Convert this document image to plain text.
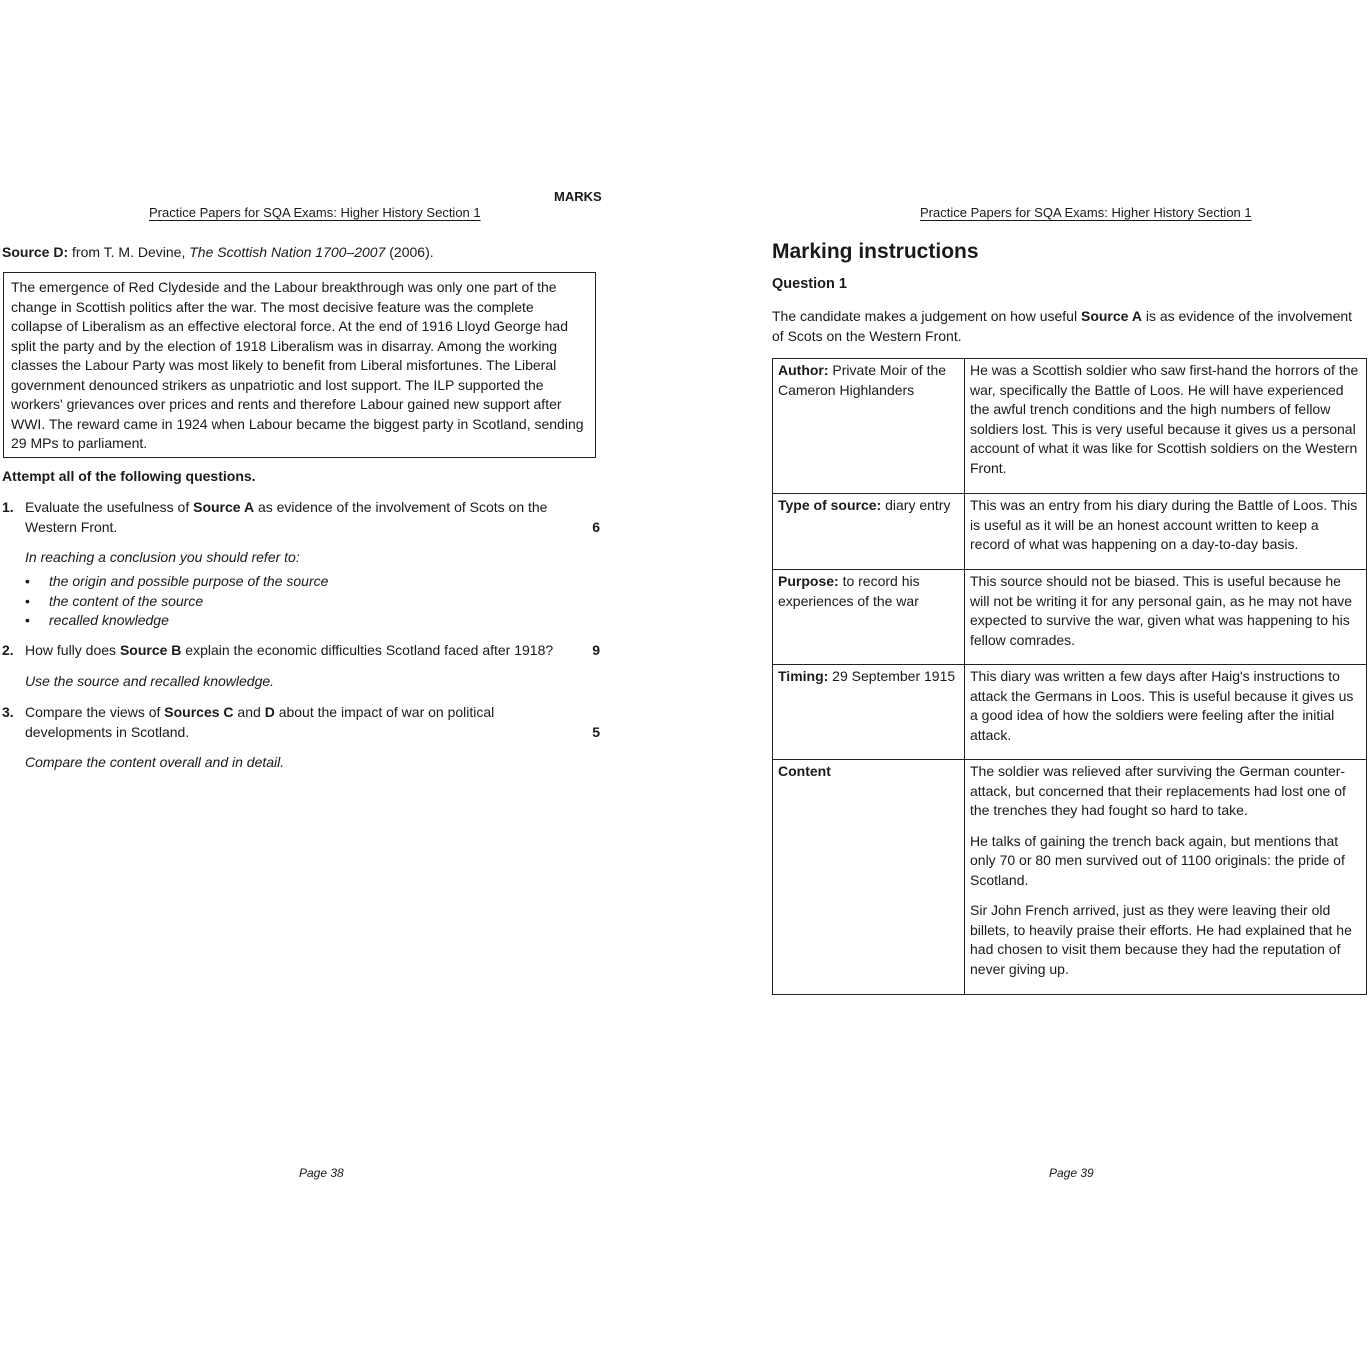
MARKS
Practice Papers for SQA Exams: Higher History Section 1
Source D: from T. M. Devine, The Scottish Nation 1700–2007 (2006).
The emergence of Red Clydeside and the Labour breakthrough was only one part of the change in Scottish politics after the war. The most decisive feature was the complete collapse of Liberalism as an effective electoral force. At the end of 1916 Lloyd George had split the party and by the election of 1918 Liberalism was in disarray. Among the working classes the Labour Party was most likely to benefit from Liberal misfortunes. The Liberal government denounced strikers as unpatriotic and lost support. The ILP supported the workers' grievances over prices and rents and therefore Labour gained new support after WWI. The reward came in 1924 when Labour became the biggest party in Scotland, sending 29 MPs to parliament.
Attempt all of the following questions.
1. Evaluate the usefulness of Source A as evidence of the involvement of Scots on the Western Front.	6
In reaching a conclusion you should refer to:
• the origin and possible purpose of the source
• the content of the source
• recalled knowledge
2. How fully does Source B explain the economic difficulties Scotland faced after 1918?	9
Use the source and recalled knowledge.
3. Compare the views of Sources C and D about the impact of war on political developments in Scotland.	5
Compare the content overall and in detail.
Page 38
Practice Papers for SQA Exams: Higher History Section 1
Marking instructions
Question 1
The candidate makes a judgement on how useful Source A is as evidence of the involvement of Scots on the Western Front.
Author: Private Moir of the Cameron Highlanders	He was a Scottish soldier who saw first-hand the horrors of the war, specifically the Battle of Loos. He will have experienced the awful trench conditions and the high numbers of fellow soldiers lost. This is very useful because it gives us a personal account of what it was like for Scottish soldiers on the Western Front.

Type of source: diary entry	This was an entry from his diary during the Battle of Loos. This is useful as it will be an honest account written to keep a record of what was happening on a day-to-day basis.

Purpose: to record his experiences of the war	This source should not be biased. This is useful because he will not be writing it for any personal gain, as he may not have expected to survive the war, given what was happening to his fellow comrades.

Timing: 29 September 1915	This diary was written a few days after Haig's instructions to attack the Germans in Loos. This is useful because it gives us a good idea of how the soldiers were feeling after the initial attack.

Content	The soldier was relieved after surviving the German counter-attack, but concerned that their replacements had lost one of the trenches they had fought so hard to take.

He talks of gaining the trench back again, but mentions that only 70 or 80 men survived out of 1100 originals: the pride of Scotland.

Sir John French arrived, just as they were leaving their old billets, to heavily praise their efforts. He had explained that he had chosen to visit them because they had the reputation of never giving up.

Page 39
